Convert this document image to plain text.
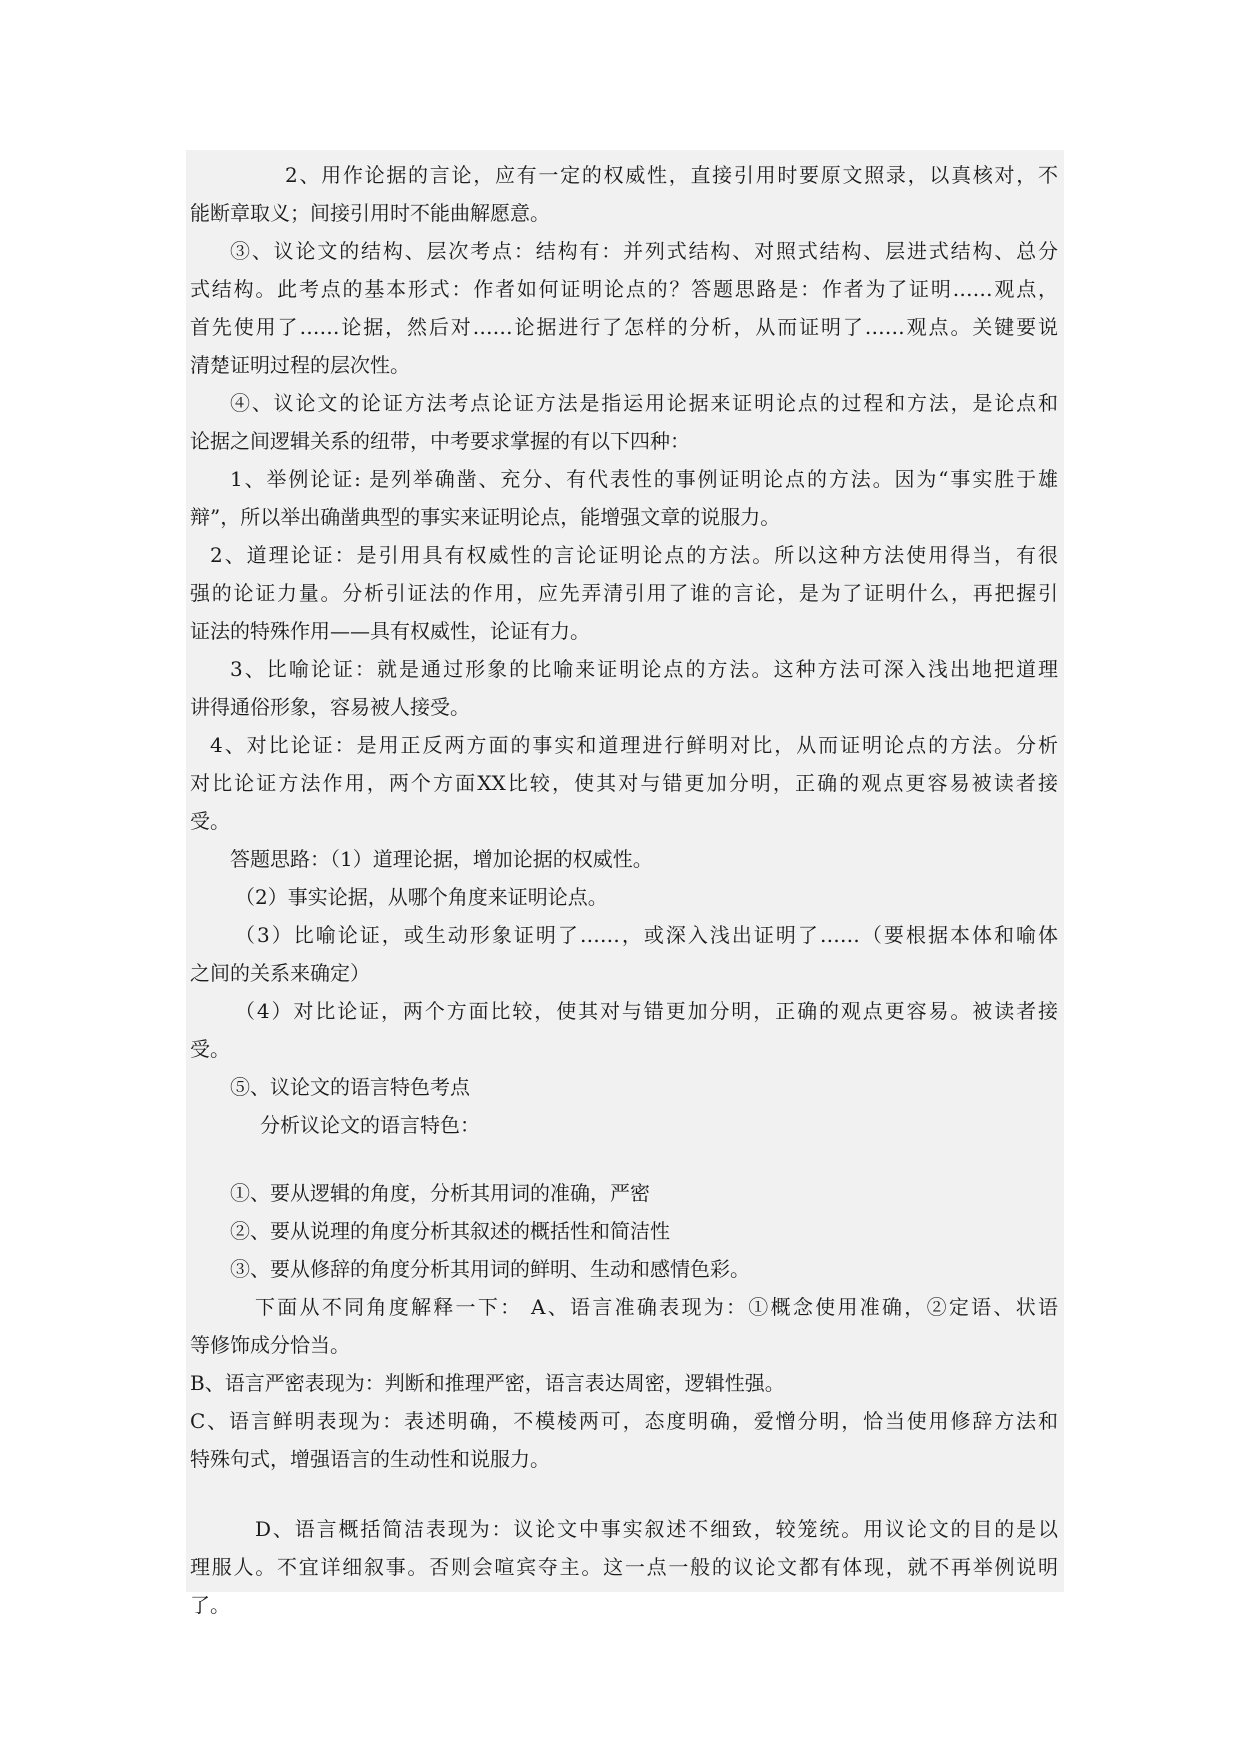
2、用作论据的言论，应有一定的权威性，直接引用时要原文照录，以真核对，不

能断章取义；间接引用时不能曲解愿意。

③、议论文的结构、层次考点：结构有：并列式结构、对照式结构、层进式结构、总分

式结构。此考点的基本形式：作者如何证明论点的？答题思路是：作者为了证明……观点，

首先使用了……论据，然后对……论据进行了怎样的分析，从而证明了……观点。关键要说

清楚证明过程的层次性。

④、议论文的论证方法考点论证方法是指运用论据来证明论点的过程和方法，是论点和

论据之间逻辑关系的纽带，中考要求掌握的有以下四种：

1、举例论证: 是列举确凿、充分、有代表性的事例证明论点的方法。因为“事实胜于雄

辩”，所以举出确凿典型的事实来证明论点，能增强文章的说服力。

2、道理论证：是引用具有权威性的言论证明论点的方法。所以这种方法使用得当，有很

强的论证力量。分析引证法的作用，应先弄清引用了谁的言论，是为了证明什么，再把握引

证法的特殊作用——具有权威性，论证有力。

3、比喻论证：就是通过形象的比喻来证明论点的方法。这种方法可深入浅出地把道理

讲得通俗形象，容易被人接受。

4、对比论证：是用正反两方面的事实和道理进行鲜明对比，从而证明论点的方法。分析

对比论证方法作用，两个方面XX比较，使其对与错更加分明，正确的观点更容易被读者接

受。

答题思路：（1）道理论据，增加论据的权威性。

（2）事实论据，从哪个角度来证明论点。

（3）比喻论证，或生动形象证明了……，或深入浅出证明了……（要根据本体和喻体

之间的关系来确定）

（4）对比论证，两个方面比较，使其对与错更加分明，正确的观点更容易。被读者接

受。

⑤、议论文的语言特色考点

分析议论文的语言特色：

①、要从逻辑的角度，分析其用词的准确，严密

②、要从说理的角度分析其叙述的概括性和简洁性

③、要从修辞的角度分析其用词的鲜明、生动和感情色彩。

下面从不同角度解释一下： A、语言准确表现为：①概念使用准确，②定语、状语

等修饰成分恰当。

B、语言严密表现为：判断和推理严密，语言表达周密，逻辑性强。

C、语言鲜明表现为：表述明确，不模棱两可，态度明确，爱憎分明，恰当使用修辞方法和

特殊句式，增强语言的生动性和说服力。

D、语言概括简洁表现为：议论文中事实叙述不细致，较笼统。用议论文的目的是以

理服人。不宜详细叙事。否则会喧宾夺主。这一点一般的议论文都有体现，就不再举例说明

了。
